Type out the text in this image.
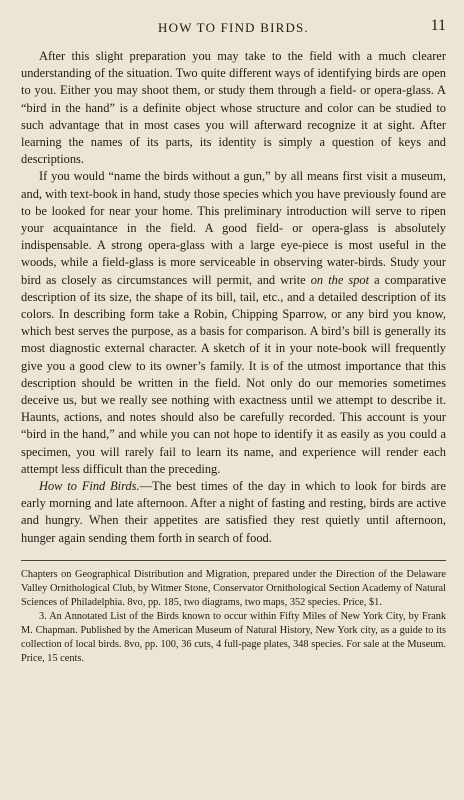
HOW TO FIND BIRDS.	11

After this slight preparation you may take to the field with a much clearer understanding of the situation. Two quite different ways of identifying birds are open to you. Either you may shoot them, or study them through a field- or opera-glass. A “bird in the hand” is a definite object whose structure and color can be studied to such advantage that in most cases you will afterward recognize it at sight. After learning the names of its parts, its identity is simply a question of keys and descriptions.

If you would “name the birds without a gun,” by all means first visit a museum, and, with text-book in hand, study those species which you have previously found are to be looked for near your home. This preliminary introduction will serve to ripen your acquaintance in the field. A good field- or opera-glass is absolutely indispensable. A strong opera-glass with a large eye-piece is most useful in the woods, while a field-glass is more serviceable in observing water-birds. Study your bird as closely as circumstances will permit, and write on the spot a comparative description of its size, the shape of its bill, tail, etc., and a detailed description of its colors. In describing form take a Robin, Chipping Sparrow, or any bird you know, which best serves the purpose, as a basis for comparison. A bird’s bill is generally its most diagnostic external character. A sketch of it in your note-book will frequently give you a good clew to its owner’s family. It is of the utmost importance that this description should be written in the field. Not only do our memories sometimes deceive us, but we really see nothing with exactness until we attempt to describe it. Haunts, actions, and notes should also be carefully recorded. This account is your “bird in the hand,” and while you can not hope to identify it as easily as you could a specimen, you will rarely fail to learn its name, and experience will render each attempt less difficult than the preceding.

How to Find Birds.—The best times of the day in which to look for birds are early morning and late afternoon. After a night of fasting and resting, birds are active and hungry. When their appetites are satisfied they rest quietly until afternoon, hunger again sending them forth in search of food.

Chapters on Geographical Distribution and Migration, prepared under the Direction of the Delaware Valley Ornithological Club, by Witmer Stone, Conservator Ornithological Section Academy of Natural Sciences of Philadelphia. 8vo, pp. 185, two diagrams, two maps, 352 species. Price, $1.

3. An Annotated List of the Birds known to occur within Fifty Miles of New York City, by Frank M. Chapman. Published by the American Museum of Natural History, New York city, as a guide to its collection of local birds. 8vo, pp. 100, 36 cuts, 4 full-page plates, 348 species. For sale at the Museum. Price, 15 cents.
